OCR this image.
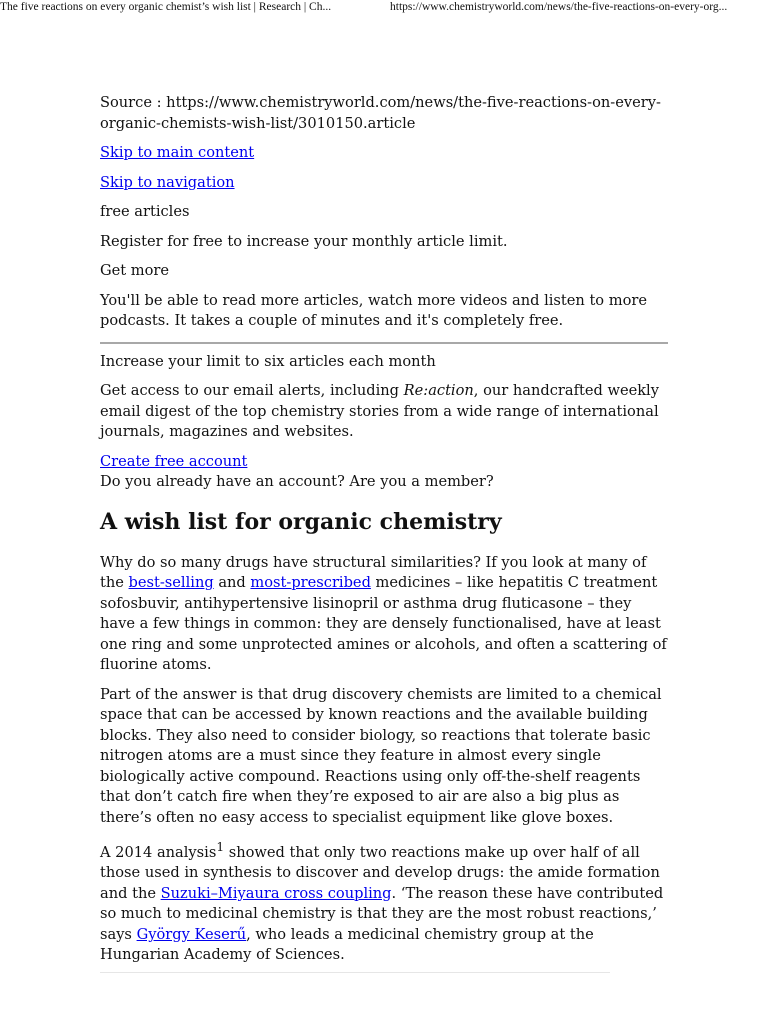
The five reactions on every organic chemist’s wish list | Research | Ch...	https://www.chemistryworld.com/news/the-five-reactions-on-every-org...

Source : https://www.chemistryworld.com/news/the-five-reactions-on-every-organic-chemists-wish-list/3010150.article

Skip to main content

Skip to navigation

free articles

Register for free to increase your monthly article limit.

Get more

You'll be able to read more articles, watch more videos and listen to more podcasts. It takes a couple of minutes and it's completely free.

Increase your limit to six articles each month

Get access to our email alerts, including Re:action, our handcrafted weekly email digest of the top chemistry stories from a wide range of international journals, magazines and websites.

Create free account

Do you already have an account? Are you a member?

A wish list for organic chemistry

Why do so many drugs have structural similarities? If you look at many of the best-selling and most-prescribed medicines – like hepatitis C treatment sofosbuvir, antihypertensive lisinopril or asthma drug fluticasone – they have a few things in common: they are densely functionalised, have at least one ring and some unprotected amines or alcohols, and often a scattering of fluorine atoms.

Part of the answer is that drug discovery chemists are limited to a chemical space that can be accessed by known reactions and the available building blocks. They also need to consider biology, so reactions that tolerate basic nitrogen atoms are a must since they feature in almost every single biologically active compound. Reactions using only off-the-shelf reagents that don’t catch fire when they’re exposed to air are also a big plus as there’s often no easy access to specialist equipment like glove boxes.

A 2014 analysis$^1$ showed that only two reactions make up over half of all those used in synthesis to discover and develop drugs: the amide formation and the Suzuki–Miyaura cross coupling. ‘The reason these have contributed so much to medicinal chemistry is that they are the most robust reactions,’ says György Keserű, who leads a medicinal chemistry group at the Hungarian Academy of Sciences.
